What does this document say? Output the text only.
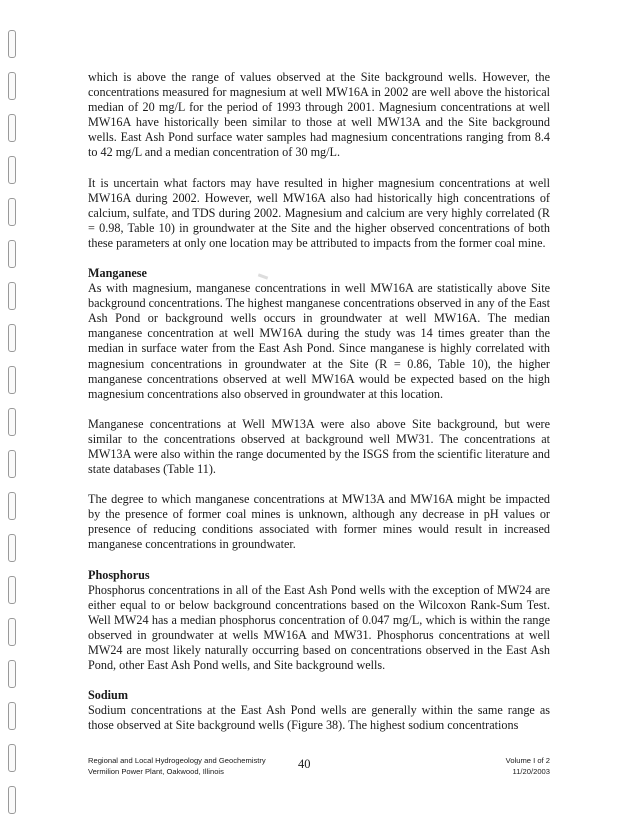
which is above the range of values observed at the Site background wells. However, the concentrations measured for magnesium at well MW16A in 2002 are well above the historical median of 20 mg/L for the period of 1993 through 2001. Magnesium concentrations at well MW16A have historically been similar to those at well MW13A and the Site background wells. East Ash Pond surface water samples had magnesium concentrations ranging from 8.4 to 42 mg/L and a median concentration of 30 mg/L.

It is uncertain what factors may have resulted in higher magnesium concentrations at well MW16A during 2002. However, well MW16A also had historically high concentrations of calcium, sulfate, and TDS during 2002. Magnesium and calcium are very highly correlated (R = 0.98, Table 10) in groundwater at the Site and the higher observed concentrations of both these parameters at only one location may be attributed to impacts from the former coal mine.

Manganese

As with magnesium, manganese concentrations in well MW16A are statistically above Site background concentrations. The highest manganese concentrations observed in any of the East Ash Pond or background wells occurs in groundwater at well MW16A. The median manganese concentration at well MW16A during the study was 14 times greater than the median in surface water from the East Ash Pond. Since manganese is highly correlated with magnesium concentrations in groundwater at the Site (R = 0.86, Table 10), the higher manganese concentrations observed at well MW16A would be expected based on the high magnesium concentrations also observed in groundwater at this location.

Manganese concentrations at Well MW13A were also above Site background, but were similar to the concentrations observed at background well MW31. The concentrations at MW13A were also within the range documented by the ISGS from the scientific literature and state databases (Table 11).

The degree to which manganese concentrations at MW13A and MW16A might be impacted by the presence of former coal mines is unknown, although any decrease in pH values or presence of reducing conditions associated with former mines would result in increased manganese concentrations in groundwater.

Phosphorus

Phosphorus concentrations in all of the East Ash Pond wells with the exception of MW24 are either equal to or below background concentrations based on the Wilcoxon Rank-Sum Test. Well MW24 has a median phosphorus concentration of 0.047 mg/L, which is within the range observed in groundwater at wells MW16A and MW31. Phosphorus concentrations at well MW24 are most likely naturally occurring based on concentrations observed in the East Ash Pond, other East Ash Pond wells, and Site background wells.

Sodium

Sodium concentrations at the East Ash Pond wells are generally within the same range as those observed at Site background wells (Figure 38). The highest sodium concentrations

Regional and Local Hydrogeology and Geochemistry
Vermilion Power Plant, Oakwood, Illinois
40	Volume I of 2
11/20/2003
